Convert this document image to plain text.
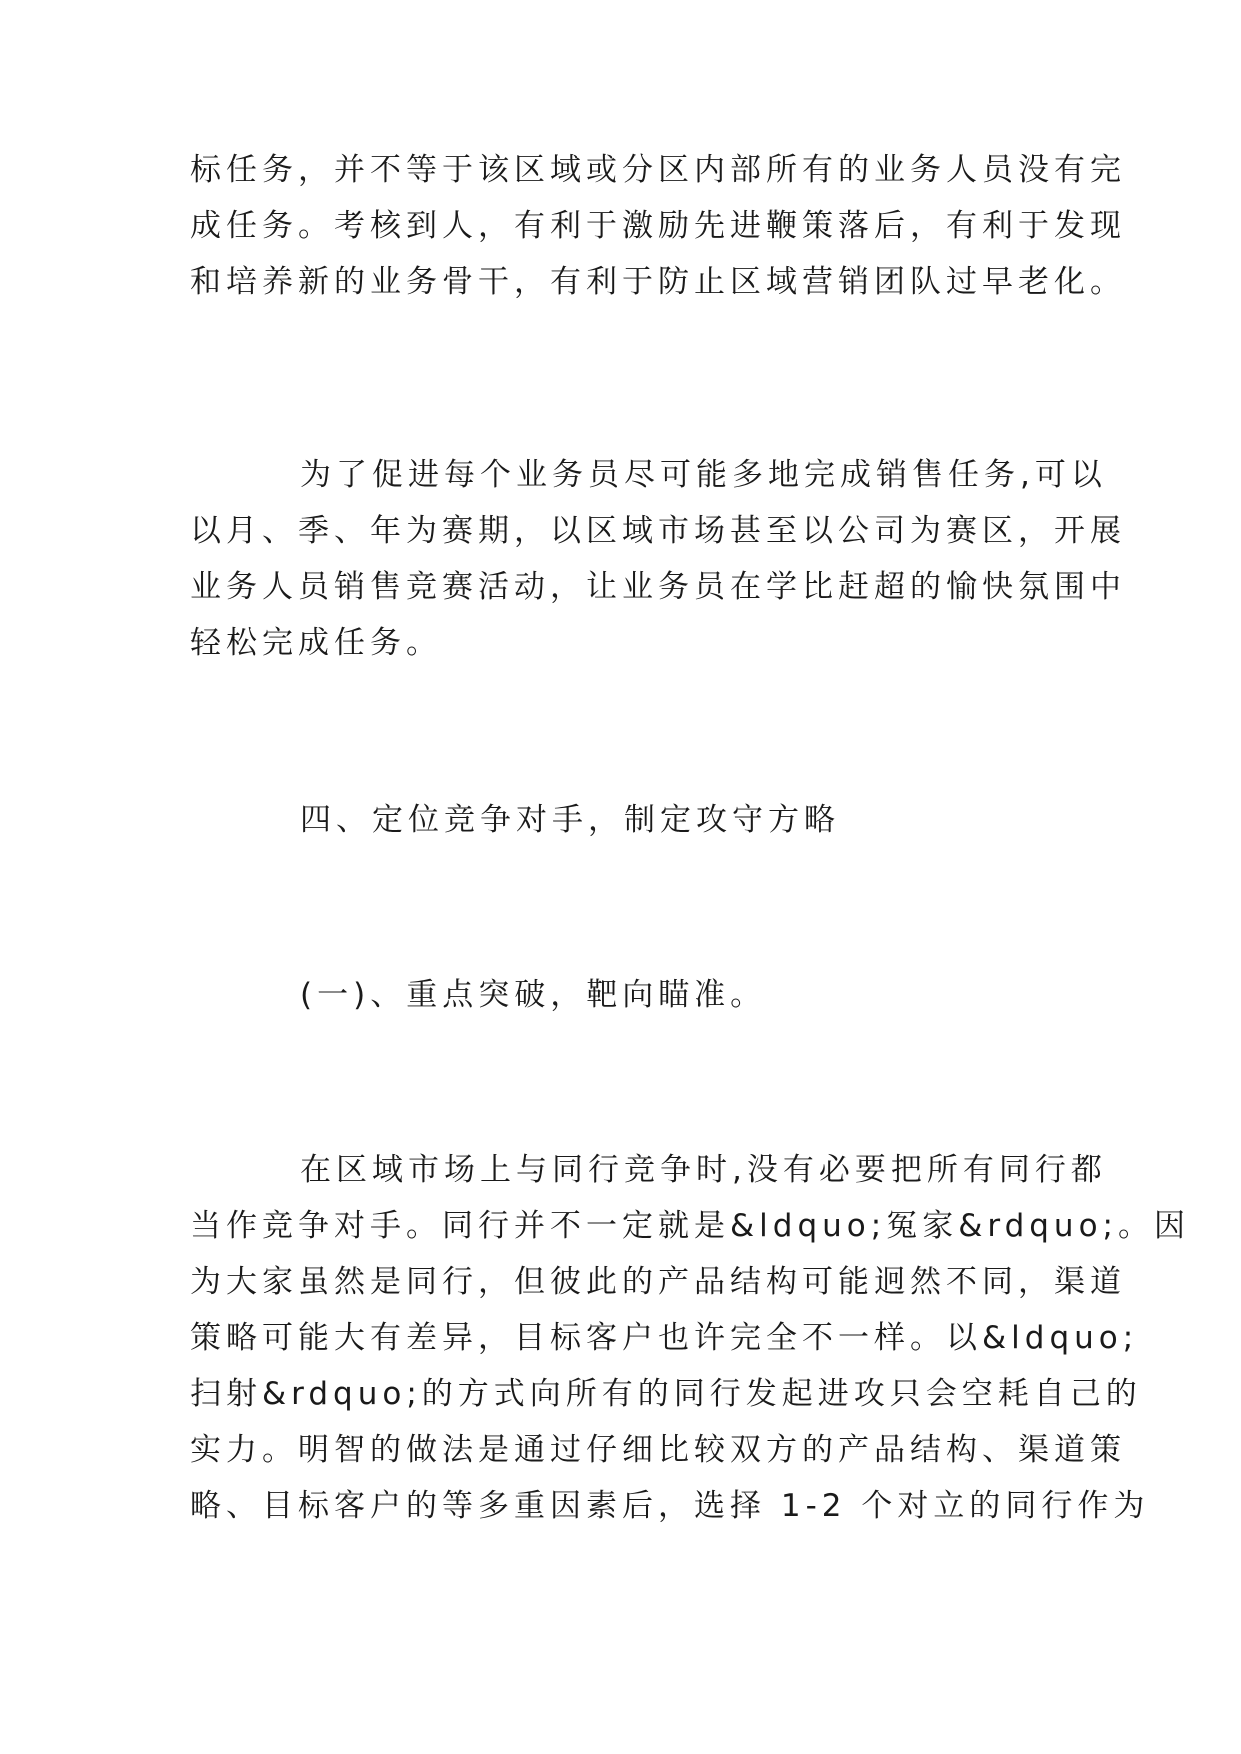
标任务，并不等于该区域或分区内部所有的业务人员没有完
成任务。考核到人，有利于激励先进鞭策落后，有利于发现
和培养新的业务骨干，有利于防止区域营销团队过早老化。
为了促进每个业务员尽可能多地完成销售任务,可以
以月、季、年为赛期，以区域市场甚至以公司为赛区，开展
业务人员销售竞赛活动，让业务员在学比赶超的愉快氛围中
轻松完成任务。
四、定位竞争对手，制定攻守方略
(一)、重点突破，靶向瞄准。
在区域市场上与同行竞争时,没有必要把所有同行都
当作竞争对手。同行并不一定就是&ldquo;冤家&rdquo;。因
为大家虽然是同行，但彼此的产品结构可能迥然不同，渠道
策略可能大有差异，目标客户也许完全不一样。以&ldquo;
扫射&rdquo;的方式向所有的同行发起进攻只会空耗自己的
实力。明智的做法是通过仔细比较双方的产品结构、渠道策
略、目标客户的等多重因素后，选择 1-2 个对立的同行作为
